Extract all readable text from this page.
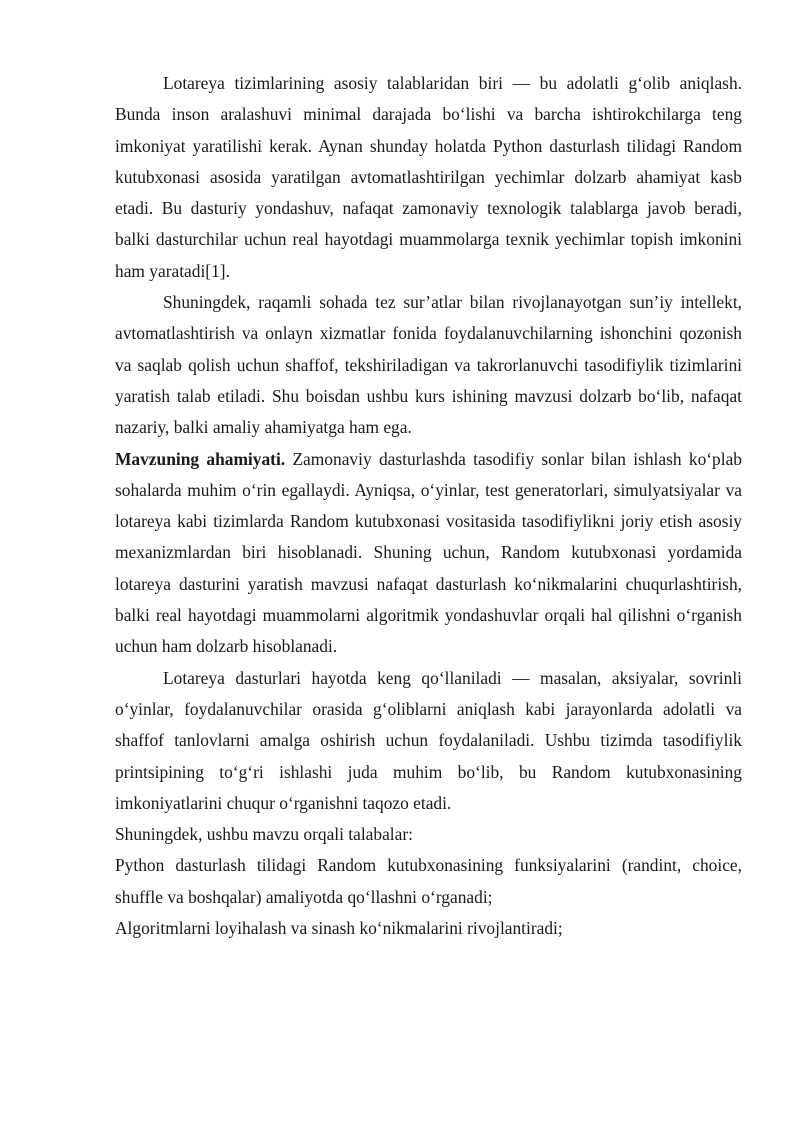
Lotareya tizimlarining asosiy talablaridan biri — bu adolatli gʻolib aniqlash. Bunda inson aralashuvi minimal darajada boʻlishi va barcha ishtirokchilarga teng imkoniyat yaratilishi kerak. Aynan shunday holatda Python dasturlash tilidagi Random kutubxonasi asosida yaratilgan avtomatlashtirilgan yechimlar dolzarb ahamiyat kasb etadi. Bu dasturiy yondashuv, nafaqat zamonaviy texnologik talablarga javob beradi, balki dasturchilar uchun real hayotdagi muammolarga texnik yechimlar topish imkonini ham yaratadi[1].

Shuningdek, raqamli sohada tez sur’atlar bilan rivojlanayotgan sun’iy intellekt, avtomatlashtirish va onlayn xizmatlar fonida foydalanuvchilarning ishonchini qozonish va saqlab qolish uchun shaffof, tekshiriladigan va takrorlanuvchi tasodifiylik tizimlarini yaratish talab etiladi. Shu boisdan ushbu kurs ishining mavzusi dolzarb boʻlib, nafaqat nazariy, balki amaliy ahamiyatga ham ega.

Mavzuning ahamiyati. Zamonaviy dasturlashda tasodifiy sonlar bilan ishlash koʻplab sohalarda muhim oʻrin egallaydi. Ayniqsa, oʻyinlar, test generatorlari, simulyatsiyalar va lotareya kabi tizimlarda Random kutubxonasi vositasida tasodifiylikni joriy etish asosiy mexanizmlardan biri hisoblanadi. Shuning uchun, Random kutubxonasi yordamida lotareya dasturini yaratish mavzusi nafaqat dasturlash koʻnikmalarini chuqurlashtirish, balki real hayotdagi muammolarni algoritmik yondashuvlar orqali hal qilishni oʻrganish uchun ham dolzarb hisoblanadi.

Lotareya dasturlari hayotda keng qoʻllaniladi — masalan, aksiyalar, sovrinli oʻyinlar, foydalanuvchilar orasida gʻoliblarni aniqlash kabi jarayonlarda adolatli va shaffof tanlovlarni amalga oshirish uchun foydalaniladi. Ushbu tizimda tasodifiylik printsipining toʻgʻri ishlashi juda muhim boʻlib, bu Random kutubxonasining imkoniyatlarini chuqur oʻrganishni taqozo etadi.

Shuningdek, ushbu mavzu orqali talabalar:

Python dasturlash tilidagi Random kutubxonasining funksiyalarini (randint, choice, shuffle va boshqalar) amaliyotda qoʻllashni oʻrganadi;

Algoritmlarni loyihalash va sinash koʻnikmalarini rivojlantiradi;
